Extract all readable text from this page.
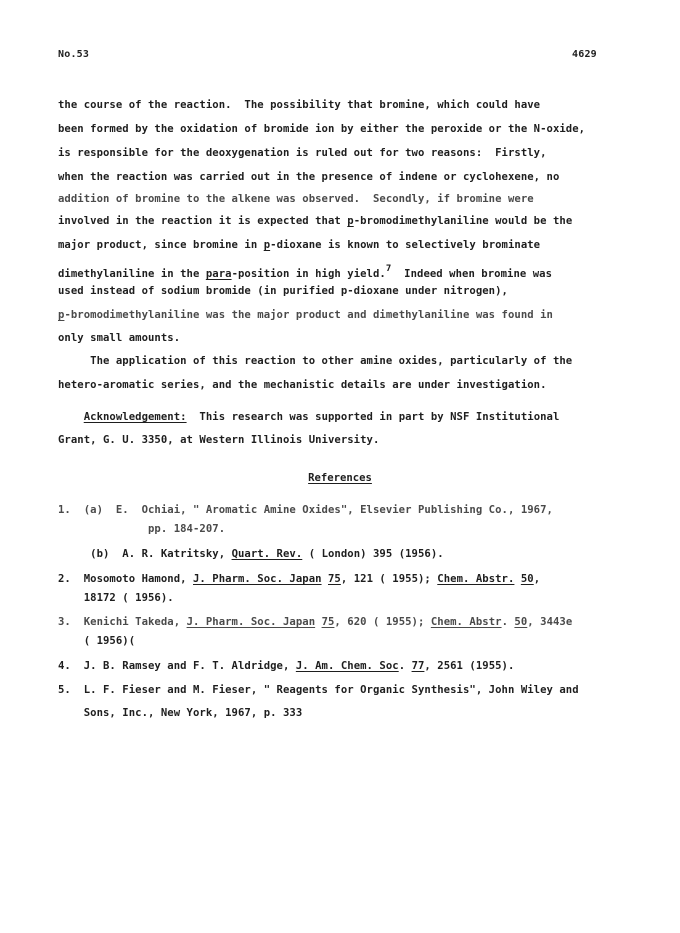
No.53	4629
the course of the reaction.  The possibility that bromine, which could have
been formed by the oxidation of bromide ion by either the peroxide or the N-oxide,
is responsible for the deoxygenation is ruled out for two reasons:  Firstly,
when the reaction was carried out in the presence of indene or cyclohexene, no
addition of bromine to the alkene was observed.  Secondly, if bromine were
involved in the reaction it is expected that p-bromodimethylaniline would be the
major product, since bromine in p-dioxane is known to selectively brominate
dimethylaniline in the para-position in high yield.$^7$  Indeed when bromine was
used instead of sodium bromide (in purified p-dioxane under nitrogen),
p-bromodimethylaniline was the major product and dimethylaniline was found in
only small amounts.
The application of this reaction to other amine oxides, particularly of the
hetero-aromatic series, and the mechanistic details are under investigation.
Acknowledgement:  This research was supported in part by NSF Institutional
Grant, G. U. 3350, at Western Illinois University.
References
1.  (a)  E.  Ochiai, " Aromatic Amine Oxides", Elsevier Publishing Co., 1967,
pp. 184-207.
(b)  A. R. Katritsky, Quart. Rev. ( London) 395 (1956).
2.  Mosomoto Hamond, J. Pharm. Soc. Japan 75, 121 ( 1955); Chem. Abstr. 50,
18172 ( 1956).
3.  Kenichi Takeda, J. Pharm. Soc. Japan 75, 620 ( 1955); Chem. Abstr. 50, 3443e
( 1956)(
4.  J. B. Ramsey and F. T. Aldridge, J. Am. Chem. Soc. 77, 2561 (1955).
5.  L. F. Fieser and M. Fieser, " Reagents for Organic Synthesis", John Wiley and
Sons, Inc., New York, 1967, p. 333
